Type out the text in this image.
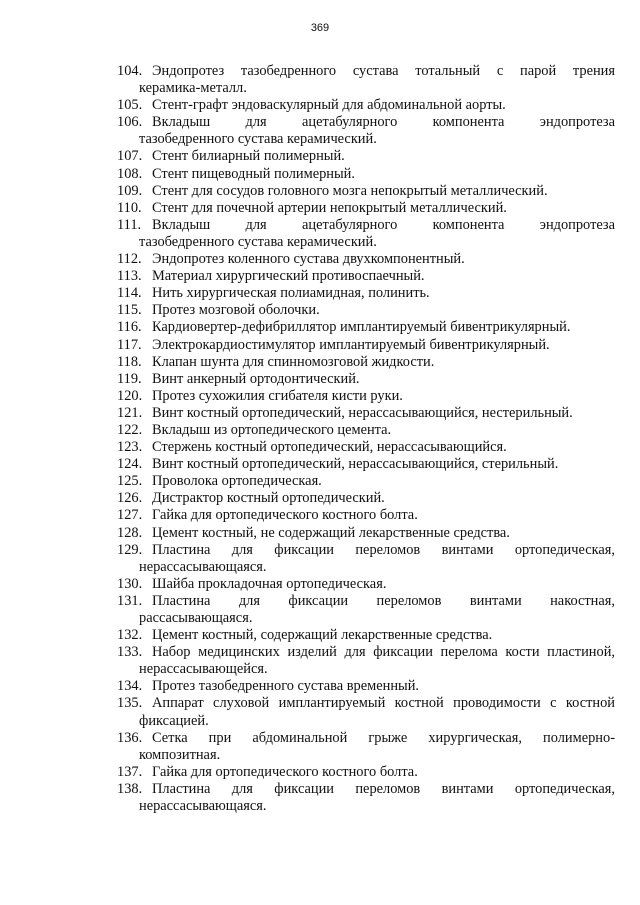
369
104. Эндопротез тазобедренного сустава тотальный с парой трения
керамика-металл.
105. Стент-графт эндоваскулярный для абдоминальной аорты.
106. Вкладыш для ацетабулярного компонента эндопротеза
тазобедренного сустава керамический.
107. Стент билиарный полимерный.
108. Стент пищеводный полимерный.
109. Стент для сосудов головного мозга непокрытый металлический.
110. Стент для почечной артерии непокрытый металлический.
111. Вкладыш для ацетабулярного компонента эндопротеза
тазобедренного сустава керамический.
112. Эндопротез коленного сустава двухкомпонентный.
113. Материал хирургический противоспаечный.
114. Нить хирургическая полиамидная, полинить.
115. Протез мозговой оболочки.
116. Кардиовертер-дефибриллятор имплантируемый бивентрикулярный.
117. Электрокардиостимулятор имплантируемый бивентрикулярный.
118. Клапан шунта для спинномозговой жидкости.
119. Винт анкерный ортодонтический.
120. Протез сухожилия сгибателя кисти руки.
121. Винт костный ортопедический, нерассасывающийся, нестерильный.
122. Вкладыш из ортопедического цемента.
123. Стержень костный ортопедический, нерассасывающийся.
124. Винт костный ортопедический, нерассасывающийся, стерильный.
125. Проволока ортопедическая.
126. Дистрактор костный ортопедический.
127. Гайка для ортопедического костного болта.
128. Цемент костный, не содержащий лекарственные средства.
129. Пластина для фиксации переломов винтами ортопедическая,
нерассасывающаяся.
130. Шайба прокладочная ортопедическая.
131. Пластина для фиксации переломов винтами накостная,
рассасывающаяся.
132. Цемент костный, содержащий лекарственные средства.
133. Набор медицинских изделий для фиксации перелома кости пластиной,
нерассасывающейся.
134. Протез тазобедренного сустава временный.
135. Аппарат слуховой имплантируемый костной проводимости с костной
фиксацией.
136. Сетка при абдоминальной грыже хирургическая, полимерно-
композитная.
137. Гайка для ортопедического костного болта.
138. Пластина для фиксации переломов винтами ортопедическая,
нерассасывающаяся.
